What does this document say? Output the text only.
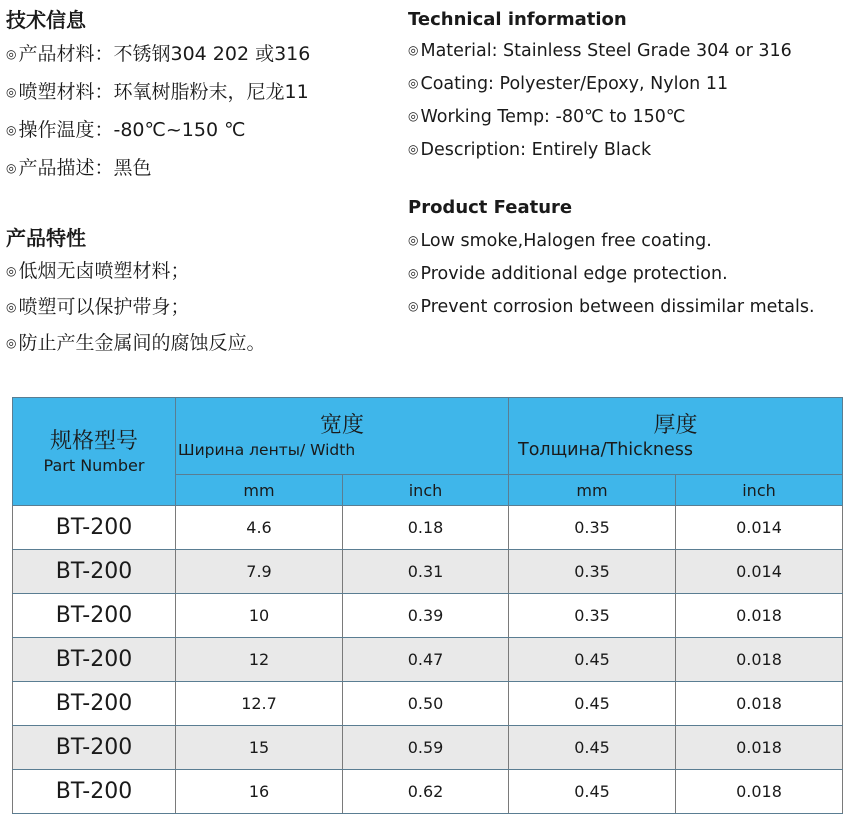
技术信息
◎ 产品材料：不锈钢304 202 或316
◎ 喷塑材料：环氧树脂粉末，尼龙11
◎ 操作温度：-80℃~150 ℃
◎ 产品描述：黑色
产品特性
◎ 低烟无卤喷塑材料；
◎ 喷塑可以保护带身；
◎ 防止产生金属间的腐蚀反应。
Technical information
◎ Material: Stainless Steel Grade 304 or 316
◎ Coating: Polyester/Epoxy, Nylon 11
◎ Working Temp: -80℃ to 150℃
◎ Description: Entirely Black
Product Feature
◎ Low smoke,Halogen free coating.
◎ Provide additional edge protection.
◎ Prevent corrosion between dissimilar metals.
规格型号
Part Number	宽度
Ширина ленты/ Width		厚度
Толщина/Thickness	

	mm	inch	mm	inch
BT-200	4.6	0.18	0.35	0.014
BT-200	7.9	0.31	0.35	0.014
BT-200	10	0.39	0.35	0.018
BT-200	12	0.47	0.45	0.018
BT-200	12.7	0.50	0.45	0.018
BT-200	15	0.59	0.45	0.018
BT-200	16	0.62	0.45	0.018
